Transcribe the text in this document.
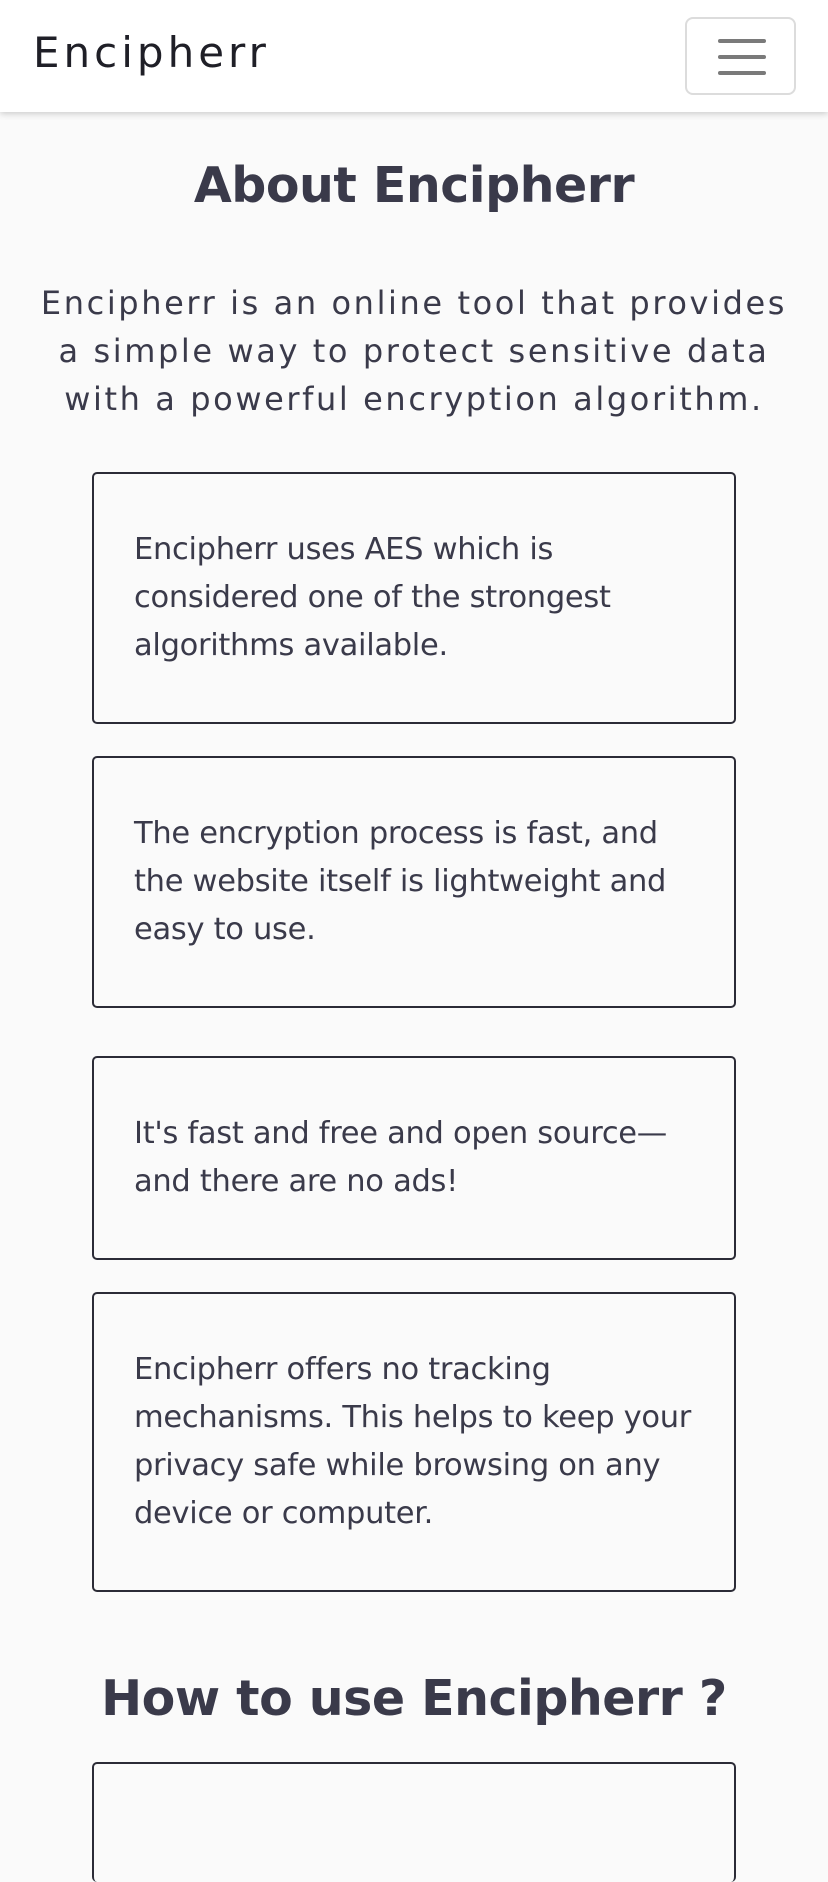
Encipherr
About Encipherr

Encipherr is an online tool that provides a simple way to protect sensitive data with a powerful encryption algorithm.

Encipherr uses AES which is considered one of the strongest algorithms available.

The encryption process is fast, and the website itself is lightweight and easy to use.

It's fast and free and open source—and there are no ads!

Encipherr offers no tracking mechanisms. This helps to keep your privacy safe while browsing on any device or computer.

How to use Encipherr ?
